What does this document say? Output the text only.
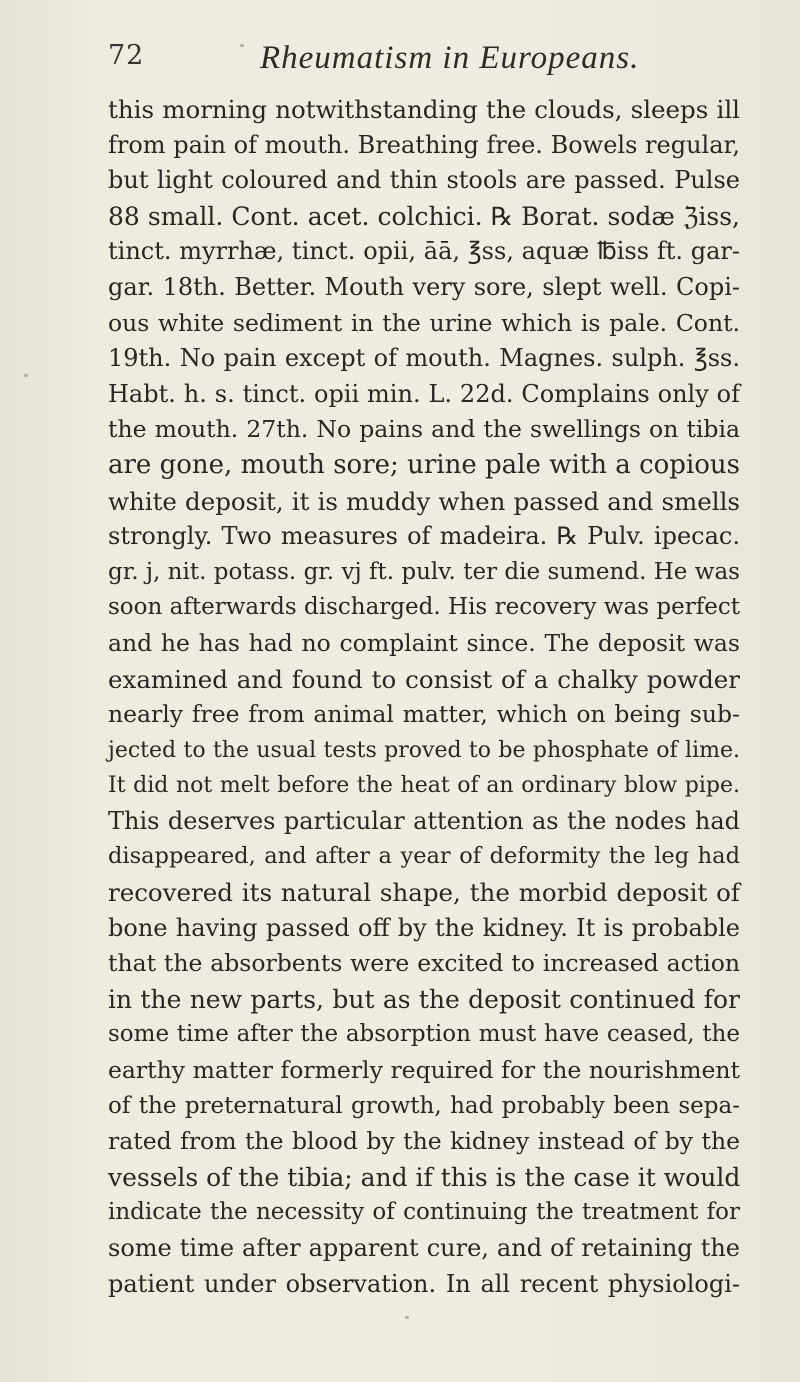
72	Rheumatism in Europeans.
this morning notwithstanding the clouds, sleeps ill
from pain of mouth. Breathing free. Bowels regular,
but light coloured and thin stools are passed. Pulse
88 small. Cont. acet. colchici. ℞ Borat. sodæ ℨiss,
tinct. myrrhæ, tinct. opii, āā, ℥ss, aquæ ℔iss ft. gar-
gar. 18th. Better. Mouth very sore, slept well. Copi-
ous white sediment in the urine which is pale. Cont.
19th. No pain except of mouth. Magnes. sulph. ℥ss.
Habt. h. s. tinct. opii min. L. 22d. Complains only of
the mouth. 27th. No pains and the swellings on tibia
are gone, mouth sore; urine pale with a copious
white deposit, it is muddy when passed and smells
strongly. Two measures of madeira. ℞ Pulv. ipecac.
gr. j, nit. potass. gr. vj ft. pulv. ter die sumend. He was
soon afterwards discharged. His recovery was perfect
and he has had no complaint since. The deposit was
examined and found to consist of a chalky powder
nearly free from animal matter, which on being sub-
jected to the usual tests proved to be phosphate of lime.
It did not melt before the heat of an ordinary blow pipe.
This deserves particular attention as the nodes had
disappeared, and after a year of deformity the leg had
recovered its natural shape, the morbid deposit of
bone having passed off by the kidney. It is probable
that the absorbents were excited to increased action
in the new parts, but as the deposit continued for
some time after the absorption must have ceased, the
earthy matter formerly required for the nourishment
of the preternatural growth, had probably been sepa-
rated from the blood by the kidney instead of by the
vessels of the tibia; and if this is the case it would
indicate the necessity of continuing the treatment for
some time after apparent cure, and of retaining the
patient under observation. In all recent physiologi-
